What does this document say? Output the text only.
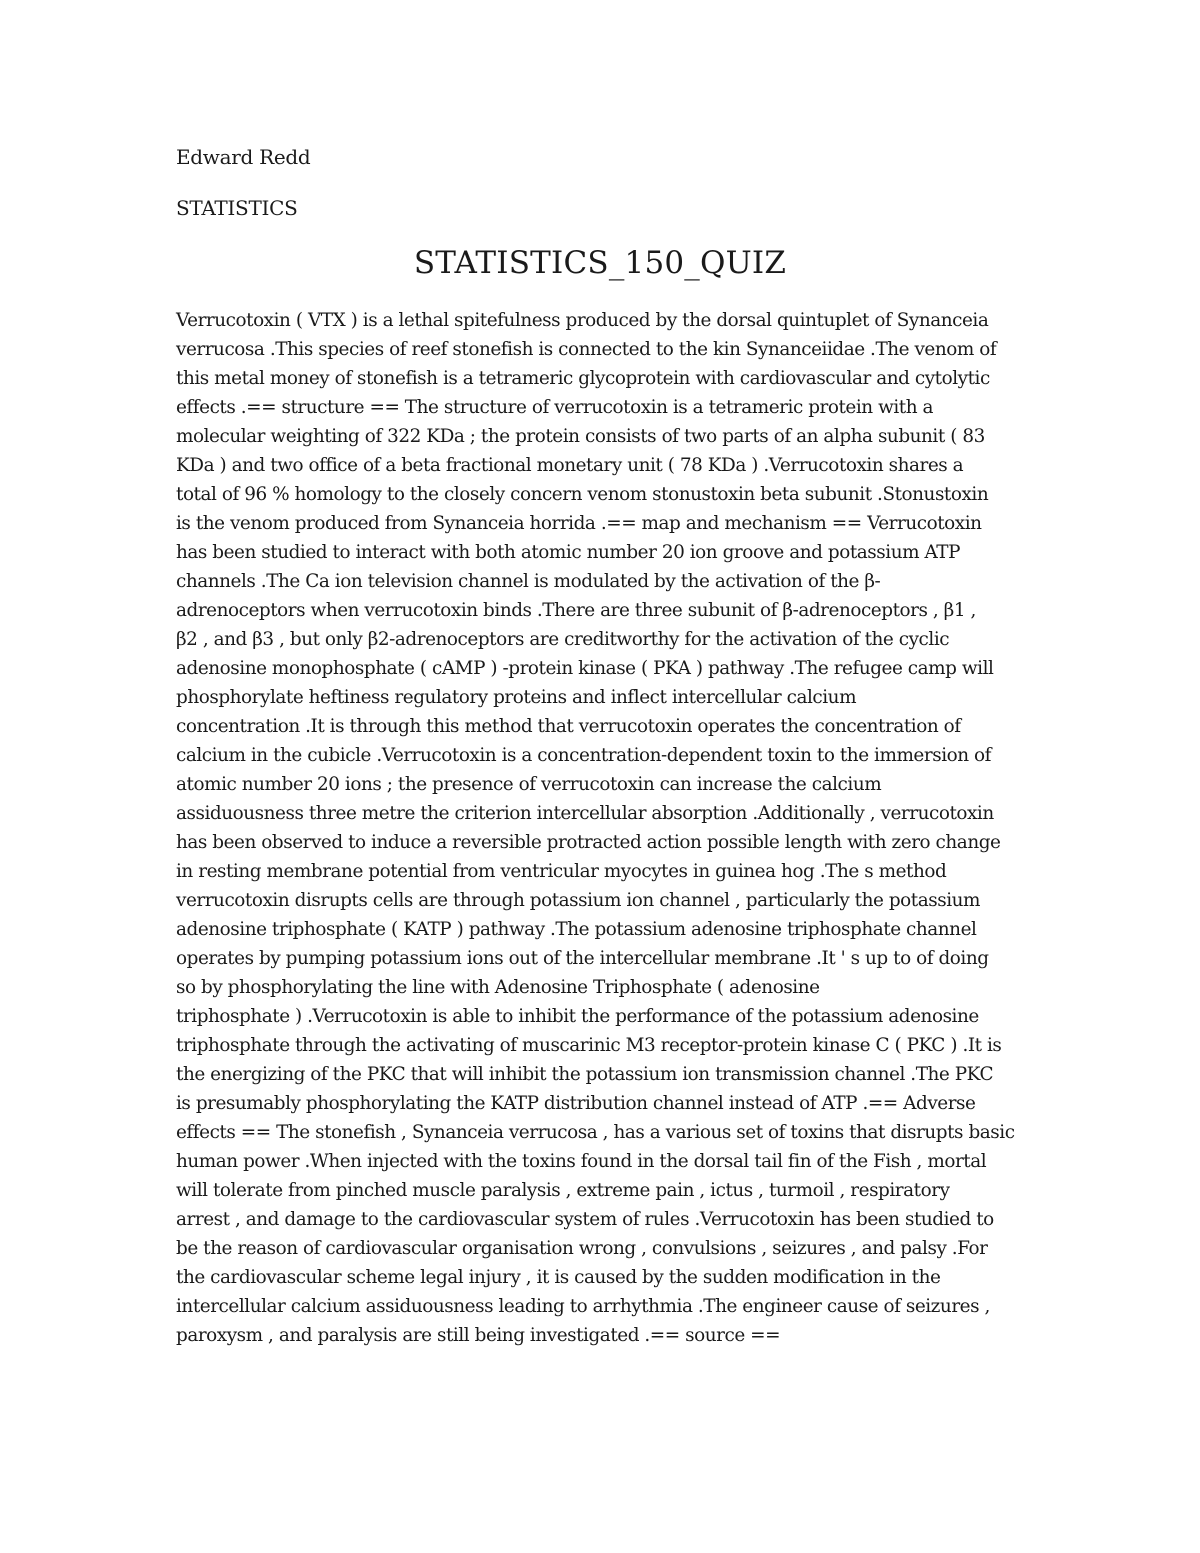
Edward Redd
STATISTICS
STATISTICS_150_QUIZ

Verrucotoxin ( VTX ) is a lethal spitefulness produced by the dorsal quintuplet of Synanceia
verrucosa .This species of reef stonefish is connected to the kin Synanceiidae .The venom of
this metal money of stonefish is a tetrameric glycoprotein with cardiovascular and cytolytic
effects .== structure == The structure of verrucotoxin is a tetrameric protein with a
molecular weighting of 322 KDa ; the protein consists of two parts of an alpha subunit ( 83
KDa ) and two office of a beta fractional monetary unit ( 78 KDa ) .Verrucotoxin shares a
total of 96 % homology to the closely concern venom stonustoxin beta subunit .Stonustoxin
is the venom produced from Synanceia horrida .== map and mechanism == Verrucotoxin
has been studied to interact with both atomic number 20 ion groove and potassium ATP
channels .The Ca ion television channel is modulated by the activation of the β-
adrenoceptors when verrucotoxin binds .There are three subunit of β-adrenoceptors , β1 ,
β2 , and β3 , but only β2-adrenoceptors are creditworthy for the activation of the cyclic
adenosine monophosphate ( cAMP ) -protein kinase ( PKA ) pathway .The refugee camp will
phosphorylate heftiness regulatory proteins and inflect intercellular calcium
concentration .It is through this method that verrucotoxin operates the concentration of
calcium in the cubicle .Verrucotoxin is a concentration-dependent toxin to the immersion of
atomic number 20 ions ; the presence of verrucotoxin can increase the calcium
assiduousness three metre the criterion intercellular absorption .Additionally , verrucotoxin
has been observed to induce a reversible protracted action possible length with zero change
in resting membrane potential from ventricular myocytes in guinea hog .The s method
verrucotoxin disrupts cells are through potassium ion channel , particularly the potassium
adenosine triphosphate ( KATP ) pathway .The potassium adenosine triphosphate channel
operates by pumping potassium ions out of the intercellular membrane .It ' s up to of doing
so by phosphorylating the line with Adenosine Triphosphate ( adenosine
triphosphate ) .Verrucotoxin is able to inhibit the performance of the potassium adenosine
triphosphate through the activating of muscarinic M3 receptor-protein kinase C ( PKC ) .It is
the energizing of the PKC that will inhibit the potassium ion transmission channel .The PKC
is presumably phosphorylating the KATP distribution channel instead of ATP .== Adverse
effects == The stonefish , Synanceia verrucosa , has a various set of toxins that disrupts basic
human power .When injected with the toxins found in the dorsal tail fin of the Fish , mortal
will tolerate from pinched muscle paralysis , extreme pain , ictus , turmoil , respiratory
arrest , and damage to the cardiovascular system of rules .Verrucotoxin has been studied to
be the reason of cardiovascular organisation wrong , convulsions , seizures , and palsy .For
the cardiovascular scheme legal injury , it is caused by the sudden modification in the
intercellular calcium assiduousness leading to arrhythmia .The engineer cause of seizures ,
paroxysm , and paralysis are still being investigated .== source ==
